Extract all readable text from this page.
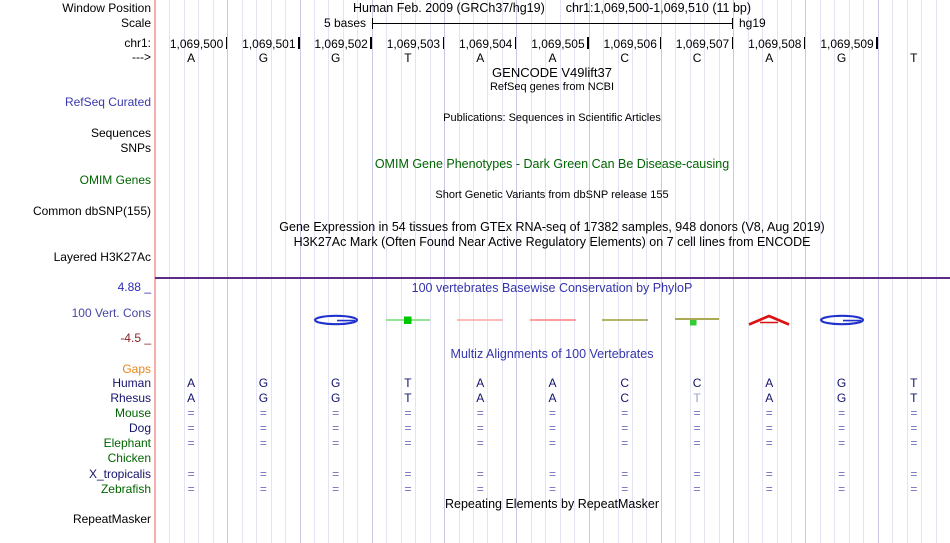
Human Feb. 2009 (GRCh37/hg19) chr1:1,069,500-1,069,510 (11 bp)
Window Position
Scale
chr1:
--->
RefSeq Curated
Sequences
SNPs
OMIM Genes
Common dbSNP(155)
Layered H3K27Ac
4.88 _
100 Vert. Cons
-4.5 _
RepeatMasker
5 bases	hg19
1,069,500	1,069,501	1,069,502	1,069,503	1,069,504	1,069,505	1,069,506	1,069,507	1,069,508	1,069,509
A	G	G	T	A	A	C	C	A	G	T
GENCODE V49lift37
RefSeq genes from NCBI
Publications: Sequences in Scientific Articles
OMIM Gene Phenotypes - Dark Green Can Be Disease-causing
Short Genetic Variants from dbSNP release 155
Gene Expression in 54 tissues from GTEx RNA-seq of 17382 samples, 948 donors (V8, Aug 2019)
H3K27Ac Mark (Often Found Near Active Regulatory Elements) on 7 cell lines from ENCODE
100 vertebrates Basewise Conservation by PhyloP
Multiz Alignments of 100 Vertebrates
Repeating Elements by RepeatMasker
Gaps
Human	A	G	G	T	A	A	C	C	A	G	T
Rhesus	A	G	G	T	A	A	C	T	A	G	T
Mouse	=	=	=	=	=	=	=	=	=	=	=
Dog	=	=	=	=	=	=	=	=	=	=	=
Elephant	=	=	=	=	=	=	=	=	=	=	=
Chicken
X_tropicalis	=	=	=	=	=	=	=	=	=	=	=
Zebrafish	=	=	=	=	=	=	=	=	=	=	=
